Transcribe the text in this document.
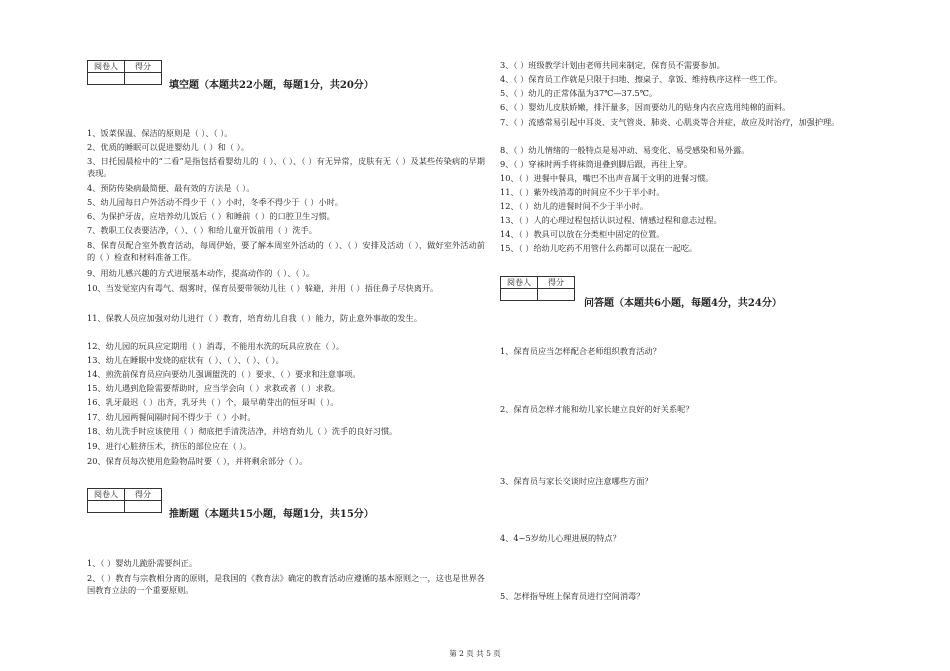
阅卷人	得分

填空题（本题共22小题，每题1分，共20分）
1、饭菜保温、保洁的原则是（ ）、（ ）。
2、优质的睡眠可以促进婴幼儿（ ）和（ ）。
3、日托园晨检中的“二看”是指包括看婴幼儿的（ ）、（ ）、（ ）有无异常，皮肤有无（ ）及某些传染病的早期表现。
4、预防传染病最简便、最有效的方法是（ ）。
5、幼儿园每日户外活动不得少于（ ）小时，冬季不得少于（ ）小时。
6、为保护牙齿，应培养幼儿饭后（ ）和睡前（ ）的口腔卫生习惯。
7、教职工仪表要洁净，（ ）、（ ）和给儿童开饭前用（ ）洗手。
8、保育员配合室外教育活动，每周伊始，要了解本周室外活动的（ ）、（ ）安排及活动（ ），做好室外活动前的（ ）检查和材料准备工作。
9、用幼儿感兴趣的方式进展基本动作，提高动作的（ ）、（ ）。
10、当发觉室内有毒气、烟雾时，保育员要带领幼儿往（ ）躲避，并用（ ）捂住鼻子尽快离开。
11、保教人员应加强对幼儿进行（ ）教育，培育幼儿自我（ ）能力，防止意外事故的发生。
12、幼儿园的玩具应定期用（ ）消毒，不能用水洗的玩具应放在（ ）。
13、幼儿在睡眠中发烧的症状有（ ）、（ ）、（ ）、（ ）。
14、煎洗前保育员应向要幼儿强调盥洗的（ ）要求、（ ）要求和注意事项。
15、幼儿遇到危险需要帮助时，应当学会向（ ）求救或者（ ）求救。
16、乳牙最迟（ ）出齐，乳牙共（ ）个，最早萌芽出的恒牙叫（ ）。
17、幼儿园两餐间隔时间不得少于（ ）小时。
18、幼儿洗手时应该使用（ ）彻底把手清洗洁净，并培育幼儿（ ）洗手的良好习惯。
19、进行心脏挤压术，挤压的部位应在（ ）。
20、保育员每次使用危险物品时要（ ），并将剩余部分（ ）。
阅卷人	得分

推断题（本题共15小题，每题1分，共15分）
1、（ ）婴幼儿跪卧需要纠正。
2、（ ）教育与宗教相分离的原则，是我国的《教育法》确定的教育活动应遵循的基本原则之一，这也是世界各国教育立法的一个重要原则。
3、（ ）班级教学计划由老师共同来制定，保育员不需要参加。
4、（ ）保育员工作就是只限于扫地、擦桌子、拿饭、维持秩序这样一些工作。
5、（ ）幼儿的正常体温为37℃—37.5℃。
6、（ ）婴幼儿皮肤娇嫩，排汗量多，因而要幼儿的贴身内衣应选用纯棉的面料。
7、（ ）流感常易引起中耳炎、支气管炎、肺炎、心肌炎等合并症，故应及时治疗，加强护理。
8、（ ）幼儿情绪的一般特点是易冲动、易变化、易受感染和易外露。
9、（ ）穿袜时两手将袜筒退叠到脚后跟，再往上穿。
10、（ ）进餐中餐具，嘴巴不出声音属于文明的进餐习惯。
11、（ ）紫外线消毒的时间应不少于半小时。
12、（ ）幼儿的进餐时间不少于半小时。
13、（ ）人的心理过程包括认识过程、情感过程和意志过程。
14、（ ）教具可以放在分类柜中固定的位置。
15、（ ）给幼儿吃药不用管什么药都可以混在一起吃。
阅卷人	得分

问答题（本题共6小题，每题4分，共24分）
1、保育员应当怎样配合老师组织教育活动？
2、保育员怎样才能和幼儿家长建立良好的好关系呢？
3、保育员与家长交谈时应注意哪些方面？
4、4~5岁幼儿心理进展的特点？
5、怎样指导班上保育员进行空间消毒？
第 2 页 共 5 页
